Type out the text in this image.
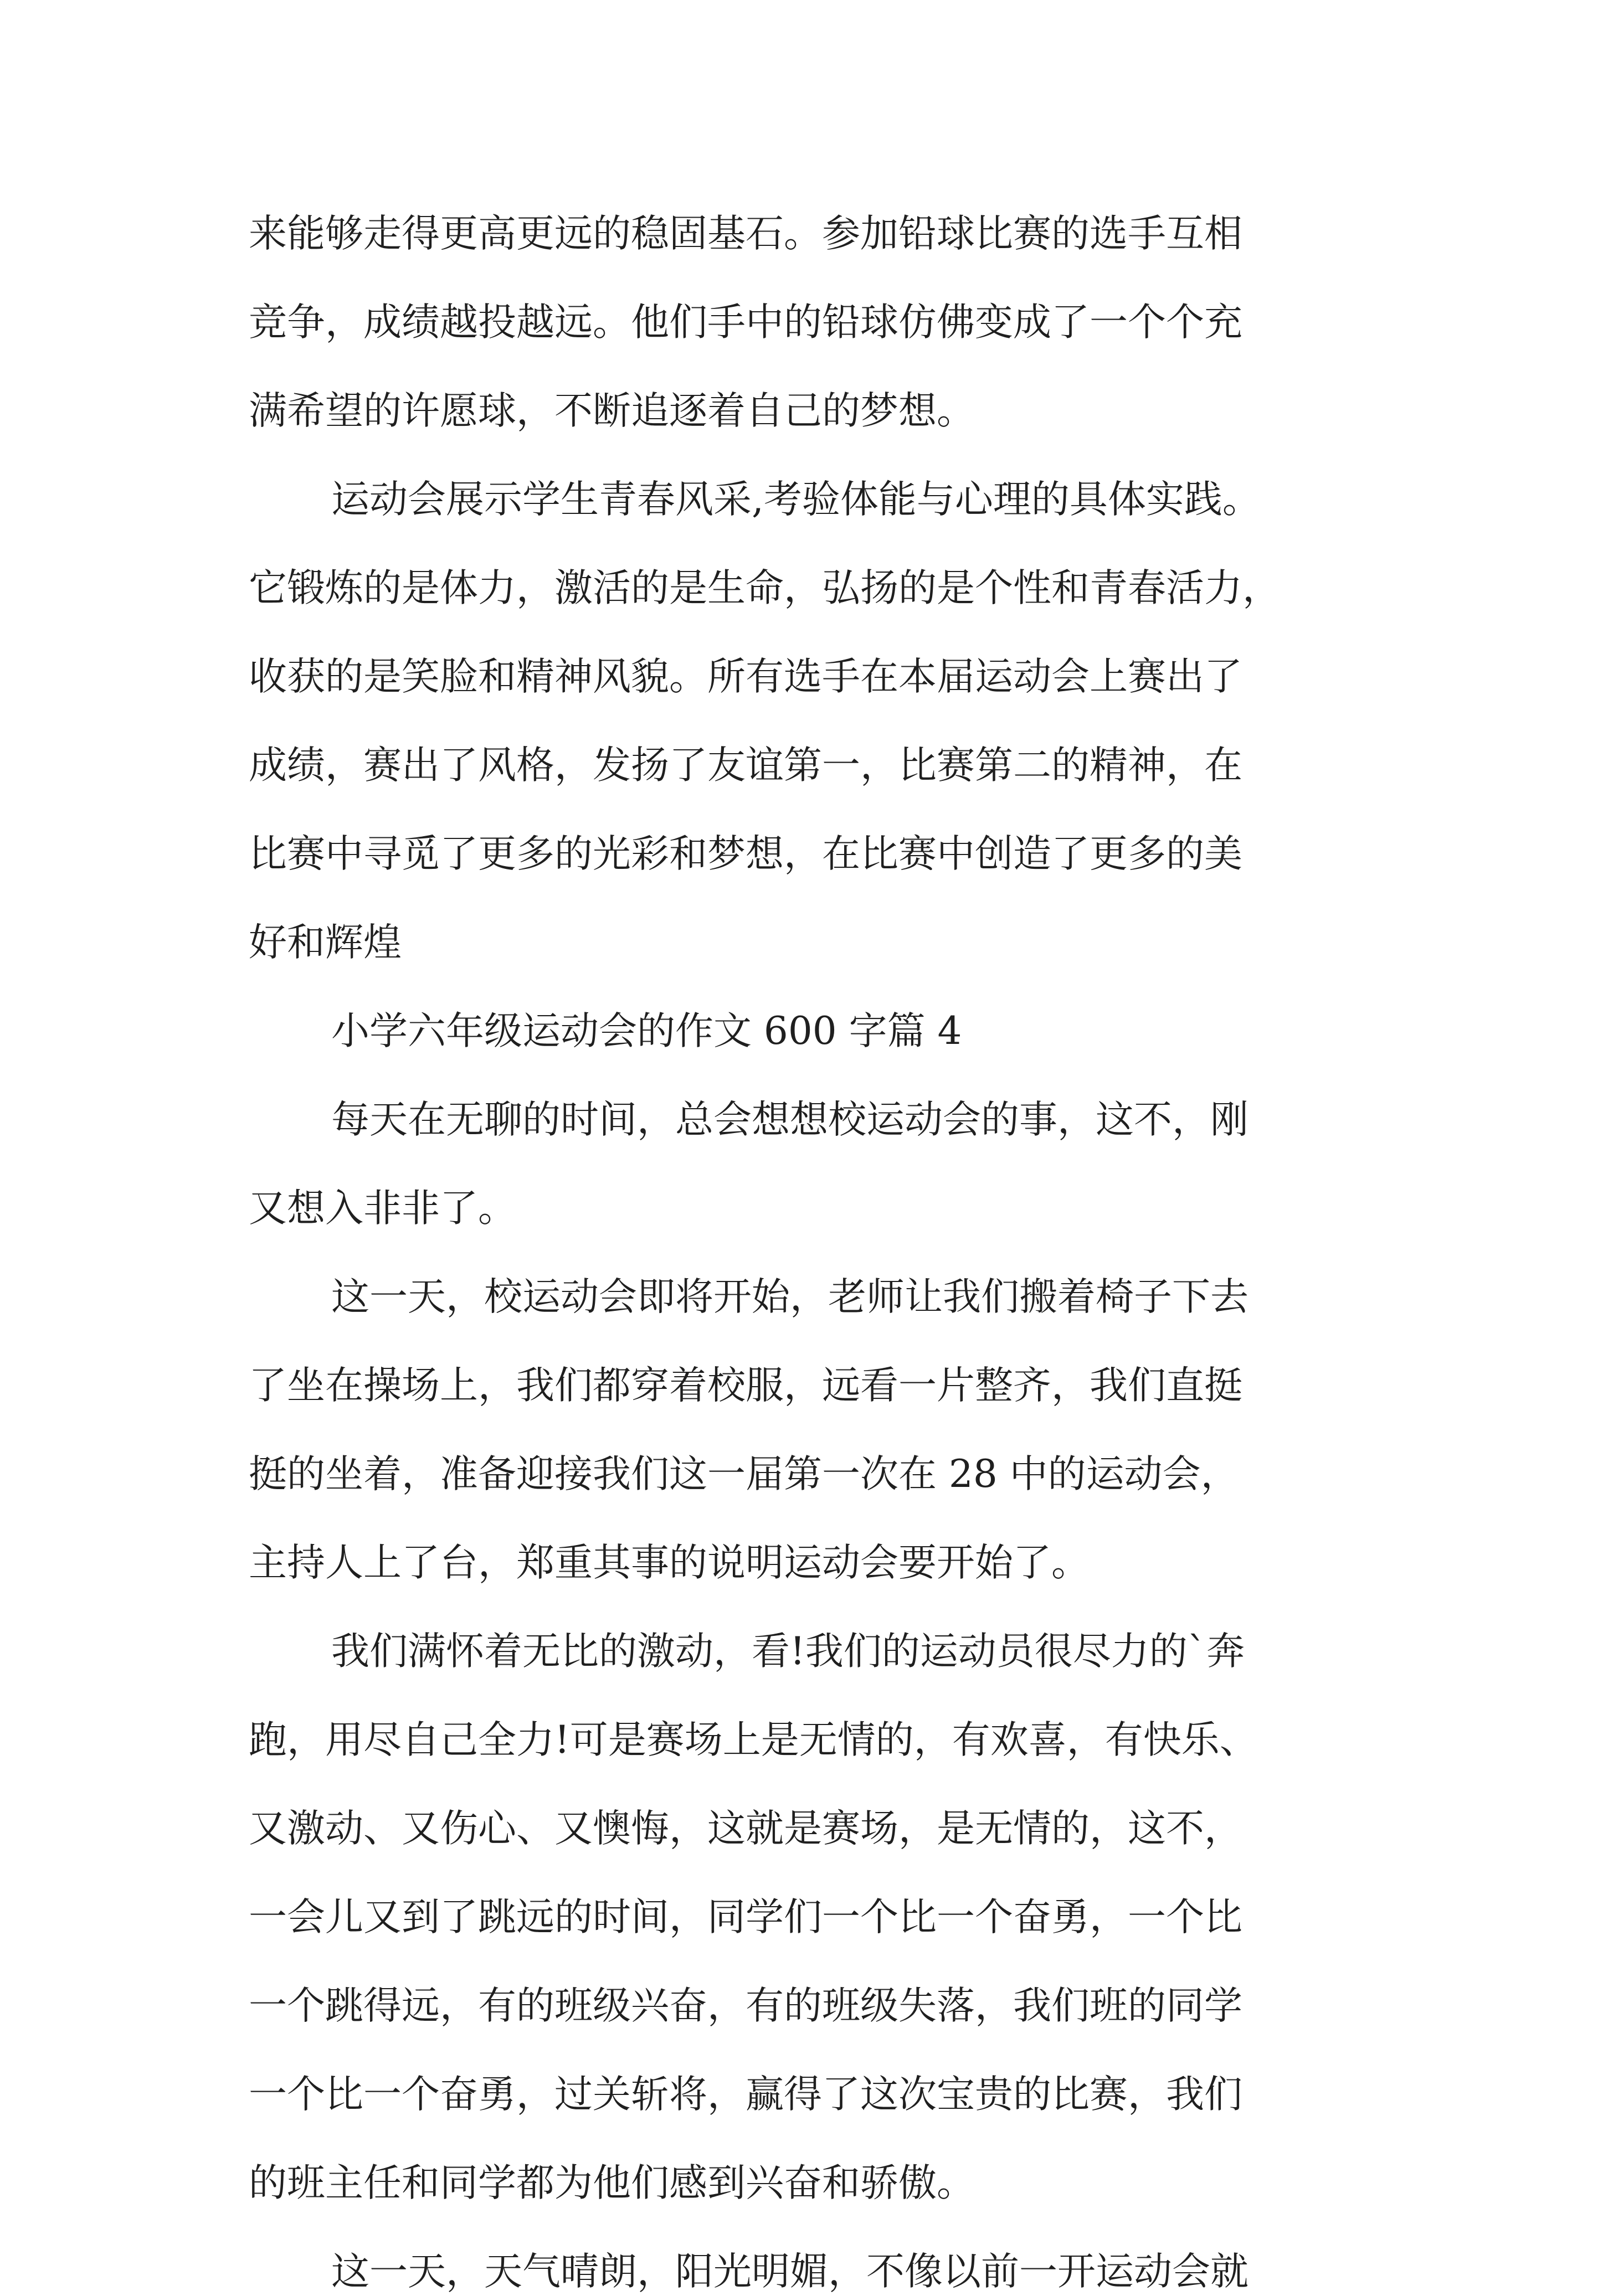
来能够走得更高更远的稳固基石。参加铅球比赛的选手互相

竞争，成绩越投越远。他们手中的铅球仿佛变成了一个个充

满希望的许愿球，不断追逐着自己的梦想。

运动会展示学生青春风采,考验体能与心理的具体实践。

它锻炼的是体力，激活的是生命，弘扬的是个性和青春活力，

收获的是笑脸和精神风貌。所有选手在本届运动会上赛出了

成绩，赛出了风格，发扬了友谊第一，比赛第二的精神，在

比赛中寻觅了更多的光彩和梦想，在比赛中创造了更多的美

好和辉煌

小学六年级运动会的作文 600 字篇 4

每天在无聊的时间，总会想想校运动会的事，这不，刚

又想入非非了。

这一天，校运动会即将开始，老师让我们搬着椅子下去

了坐在操场上，我们都穿着校服，远看一片整齐，我们直挺

挺的坐着，准备迎接我们这一届第一次在 28 中的运动会，

主持人上了台，郑重其事的说明运动会要开始了。

我们满怀着无比的激动，看!我们的运动员很尽力的`奔

跑，用尽自己全力!可是赛场上是无情的，有欢喜，有快乐、

又激动、又伤心、又懊悔，这就是赛场，是无情的，这不，

一会儿又到了跳远的时间，同学们一个比一个奋勇，一个比

一个跳得远，有的班级兴奋，有的班级失落，我们班的同学

一个比一个奋勇，过关斩将，赢得了这次宝贵的比赛，我们

的班主任和同学都为他们感到兴奋和骄傲。

这一天，天气晴朗，阳光明媚，不像以前一开运动会就
